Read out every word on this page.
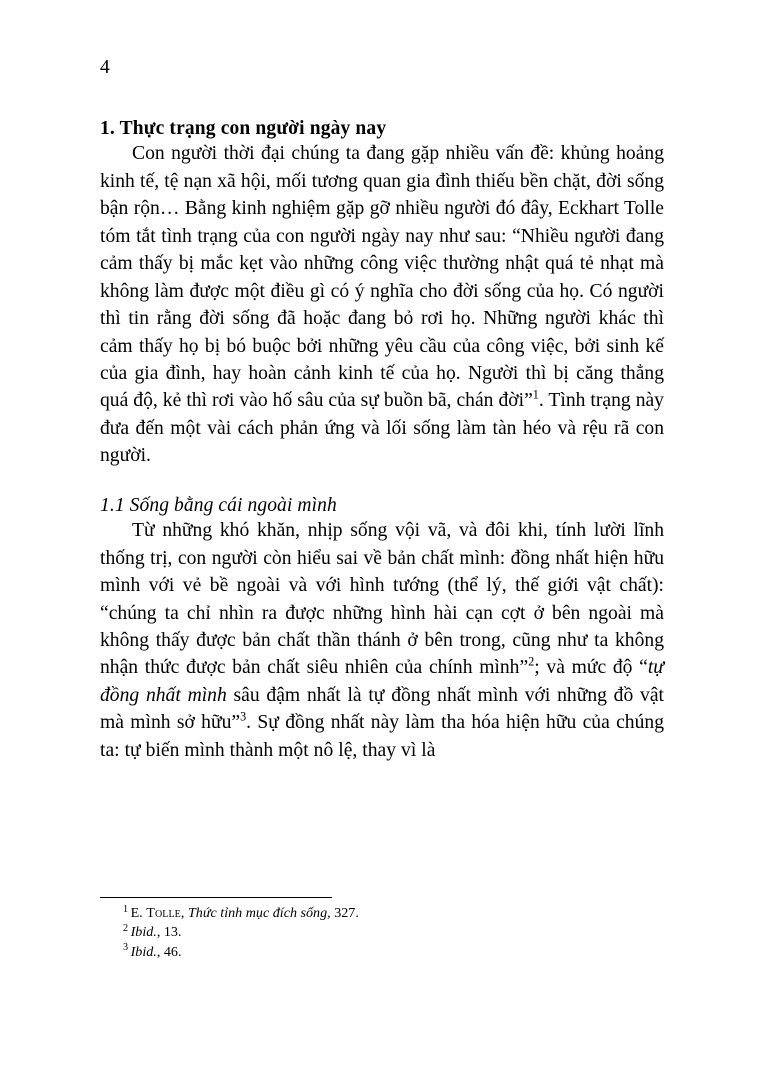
4
1. Thực trạng con người ngày nay

Con người thời đại chúng ta đang gặp nhiều vấn đề: khủng hoảng kinh tế, tệ nạn xã hội, mối tương quan gia đình thiếu bền chặt, đời sống bận rộn… Bằng kinh nghiệm gặp gỡ nhiều người đó đây, Eckhart Tolle tóm tắt tình trạng của con người ngày nay như sau: “Nhiều người đang cảm thấy bị mắc kẹt vào những công việc thường nhật quá tẻ nhạt mà không làm được một điều gì có ý nghĩa cho đời sống của họ. Có người thì tin rằng đời sống đã hoặc đang bỏ rơi họ. Những người khác thì cảm thấy họ bị bó buộc bởi những yêu cầu của công việc, bởi sinh kế của gia đình, hay hoàn cảnh kinh tế của họ. Người thì bị căng thẳng quá độ, kẻ thì rơi vào hố sâu của sự buồn bã, chán đời”$^1$. Tình trạng này đưa đến một vài cách phản ứng và lối sống làm tàn héo và rệu rã con người.

1.1 Sống bằng cái ngoài mình

Từ những khó khăn, nhịp sống vội vã, và đôi khi, tính lười lĩnh thống trị, con người còn hiểu sai về bản chất mình: đồng nhất hiện hữu mình với vẻ bề ngoài và với hình tướng (thể lý, thế giới vật chất): “chúng ta chỉ nhìn ra được những hình hài cạn cợt ở bên ngoài mà không thấy được bản chất thần thánh ở bên trong, cũng như ta không nhận thức được bản chất siêu nhiên của chính mình”$^2$; và mức độ “tự đồng nhất mình sâu đậm nhất là tự đồng nhất mình với những đồ vật mà mình sở hữu”$^3$. Sự đồng nhất này làm tha hóa hiện hữu của chúng ta: tự biến mình thành một nô lệ, thay vì là

$^1$ E. Tolle, Thức tỉnh mục đích sống, 327.

$^2$ Ibid., 13.

$^3$ Ibid., 46.
